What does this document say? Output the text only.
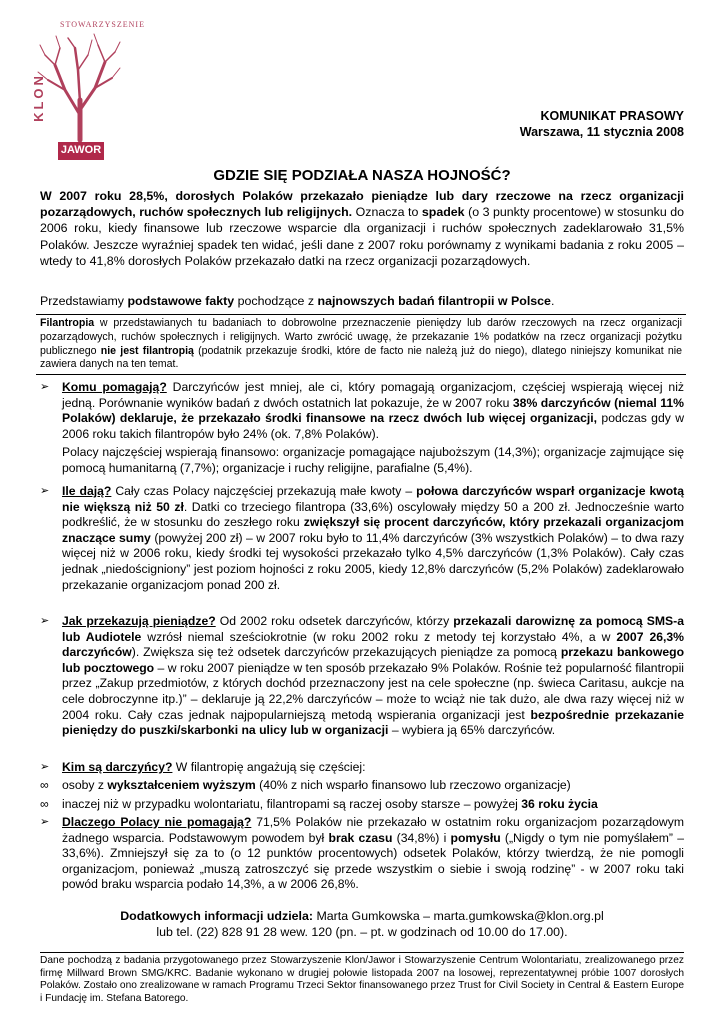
STOWARZYSZENIE
KLON
JAWOR
KOMUNIKAT PRASOWY
Warszawa, 11 stycznia 2008
GDZIE SIĘ PODZIAŁA NASZA HOJNOŚĆ?
W 2007 roku 28,5%, dorosłych Polaków przekazało pieniądze lub dary rzeczowe na rzecz organizacji pozarządowych, ruchów społecznych lub religijnych. Oznacza to spadek (o 3 punkty procentowe) w stosunku do 2006 roku, kiedy finansowe lub rzeczowe wsparcie dla organizacji i ruchów społecznych zadeklarowało 31,5% Polaków. Jeszcze wyraźniej spadek ten widać, jeśli dane z 2007 roku porównamy z wynikami badania z roku 2005 – wtedy to 41,8% dorosłych Polaków przekazało datki na rzecz organizacji pozarządowych.
Przedstawiamy podstawowe fakty pochodzące z najnowszych badań filantropii w Polsce.
Filantropia w przedstawianych tu badaniach to dobrowolne przeznaczenie pieniędzy lub darów rzeczowych na rzecz organizacji pozarządowych, ruchów społecznych i religijnych. Warto zwrócić uwagę, że przekazanie 1% podatków na rzecz organizacji pożytku publicznego nie jest filantropią (podatnik przekazuje środki, które de facto nie należą już do niego), dlatego niniejszy komunikat nie zawiera danych na ten temat.
➢ Komu pomagają? Darczyńców jest mniej, ale ci, który pomagają organizacjom, częściej wspierają więcej niż jedną. Porównanie wyników badań z dwóch ostatnich lat pokazuje, że w 2007 roku 38% darczyńców (niemal 11% Polaków) deklaruje, że przekazało środki finansowe na rzecz dwóch lub więcej organizacji, podczas gdy w 2006 roku takich filantropów było 24% (ok. 7,8% Polaków).

Polacy najczęściej wspierają finansowo: organizacje pomagające najuboższym (14,3%); organizacje zajmujące się pomocą humanitarną (7,7%); organizacje i ruchy religijne, parafialne (5,4%).

➢ Ile dają? Cały czas Polacy najczęściej przekazują małe kwoty – połowa darczyńców wsparł organizacje kwotą nie większą niż 50 zł. Datki co trzeciego filantropa (33,6%) oscylowały między 50 a 200 zł. Jednocześnie warto podkreślić, że w stosunku do zeszłego roku zwiększył się procent darczyńców, który przekazali organizacjom znaczące sumy (powyżej 200 zł) – w 2007 roku było to 11,4% darczyńców (3% wszystkich Polaków) – to dwa razy więcej niż w 2006 roku, kiedy środki tej wysokości przekazało tylko 4,5% darczyńców (1,3% Polaków). Cały czas jednak „niedościgniony” jest poziom hojności z roku 2005, kiedy 12,8% darczyńców (5,2% Polaków) zadeklarowało przekazanie organizacjom ponad 200 zł.

➢ Jak przekazują pieniądze? Od 2002 roku odsetek darczyńców, którzy przekazali darowiznę za pomocą SMS-a lub Audiotele wzrósł niemal sześciokrotnie (w roku 2002 roku z metody tej korzystało 4%, a w 2007 26,3% darczyńców). Zwiększa się też odsetek darczyńców przekazujących pieniądze za pomocą przekazu bankowego lub pocztowego – w roku 2007 pieniądze w ten sposób przekazało 9% Polaków. Rośnie też popularność filantropii przez „Zakup przedmiotów, z których dochód przeznaczony jest na cele społeczne (np. świeca Caritasu, aukcje na cele dobroczynne itp.)” – deklaruje ją 22,2% darczyńców – może to wciąż nie tak dużo, ale dwa razy więcej niż w 2004 roku. Cały czas jednak najpopularniejszą metodą wspierania organizacji jest bezpośrednie przekazanie pieniędzy do puszki/skarbonki na ulicy lub w organizacji – wybiera ją 65% darczyńców.

➢ Kim są darczyńcy? W filantropię angażują się częściej:

∞ osoby z wykształceniem wyższym (40% z nich wsparło finansowo lub rzeczowo organizacje)
∞ inaczej niż w przypadku wolontariatu, filantropami są raczej osoby starsze – powyżej 36 roku życia
➢ Dlaczego Polacy nie pomagają? 71,5% Polaków nie przekazało w ostatnim roku organizacjom pozarządowym żadnego wsparcia. Podstawowym powodem był brak czasu (34,8%) i pomysłu („Nigdy o tym nie pomyślałem” – 33,6%). Zmniejszył się za to (o 12 punktów procentowych) odsetek Polaków, którzy twierdzą, że nie pomogli organizacjom, ponieważ „muszą zatroszczyć się przede wszystkim o siebie i swoją rodzinę” - w 2007 roku taki powód braku wsparcia podało 14,3%, a w 2006 26,8%.

Dodatkowych informacji udziela: Marta Gumkowska – marta.gumkowska@klon.org.pl
lub tel. (22) 828 91 28 wew. 120 (pn. – pt. w godzinach od 10.00 do 17.00).
Dane pochodzą z badania przygotowanego przez Stowarzyszenie Klon/Jawor i Stowarzyszenie Centrum Wolontariatu, zrealizowanego przez firmę Millward Brown SMG/KRC. Badanie wykonano w drugiej połowie listopada 2007 na losowej, reprezentatywnej próbie 1007 dorosłych Polaków. Zostało ono zrealizowane w ramach Programu Trzeci Sektor finansowanego przez Trust for Civil Society in Central & Eastern Europe i Fundację im. Stefana Batorego.
